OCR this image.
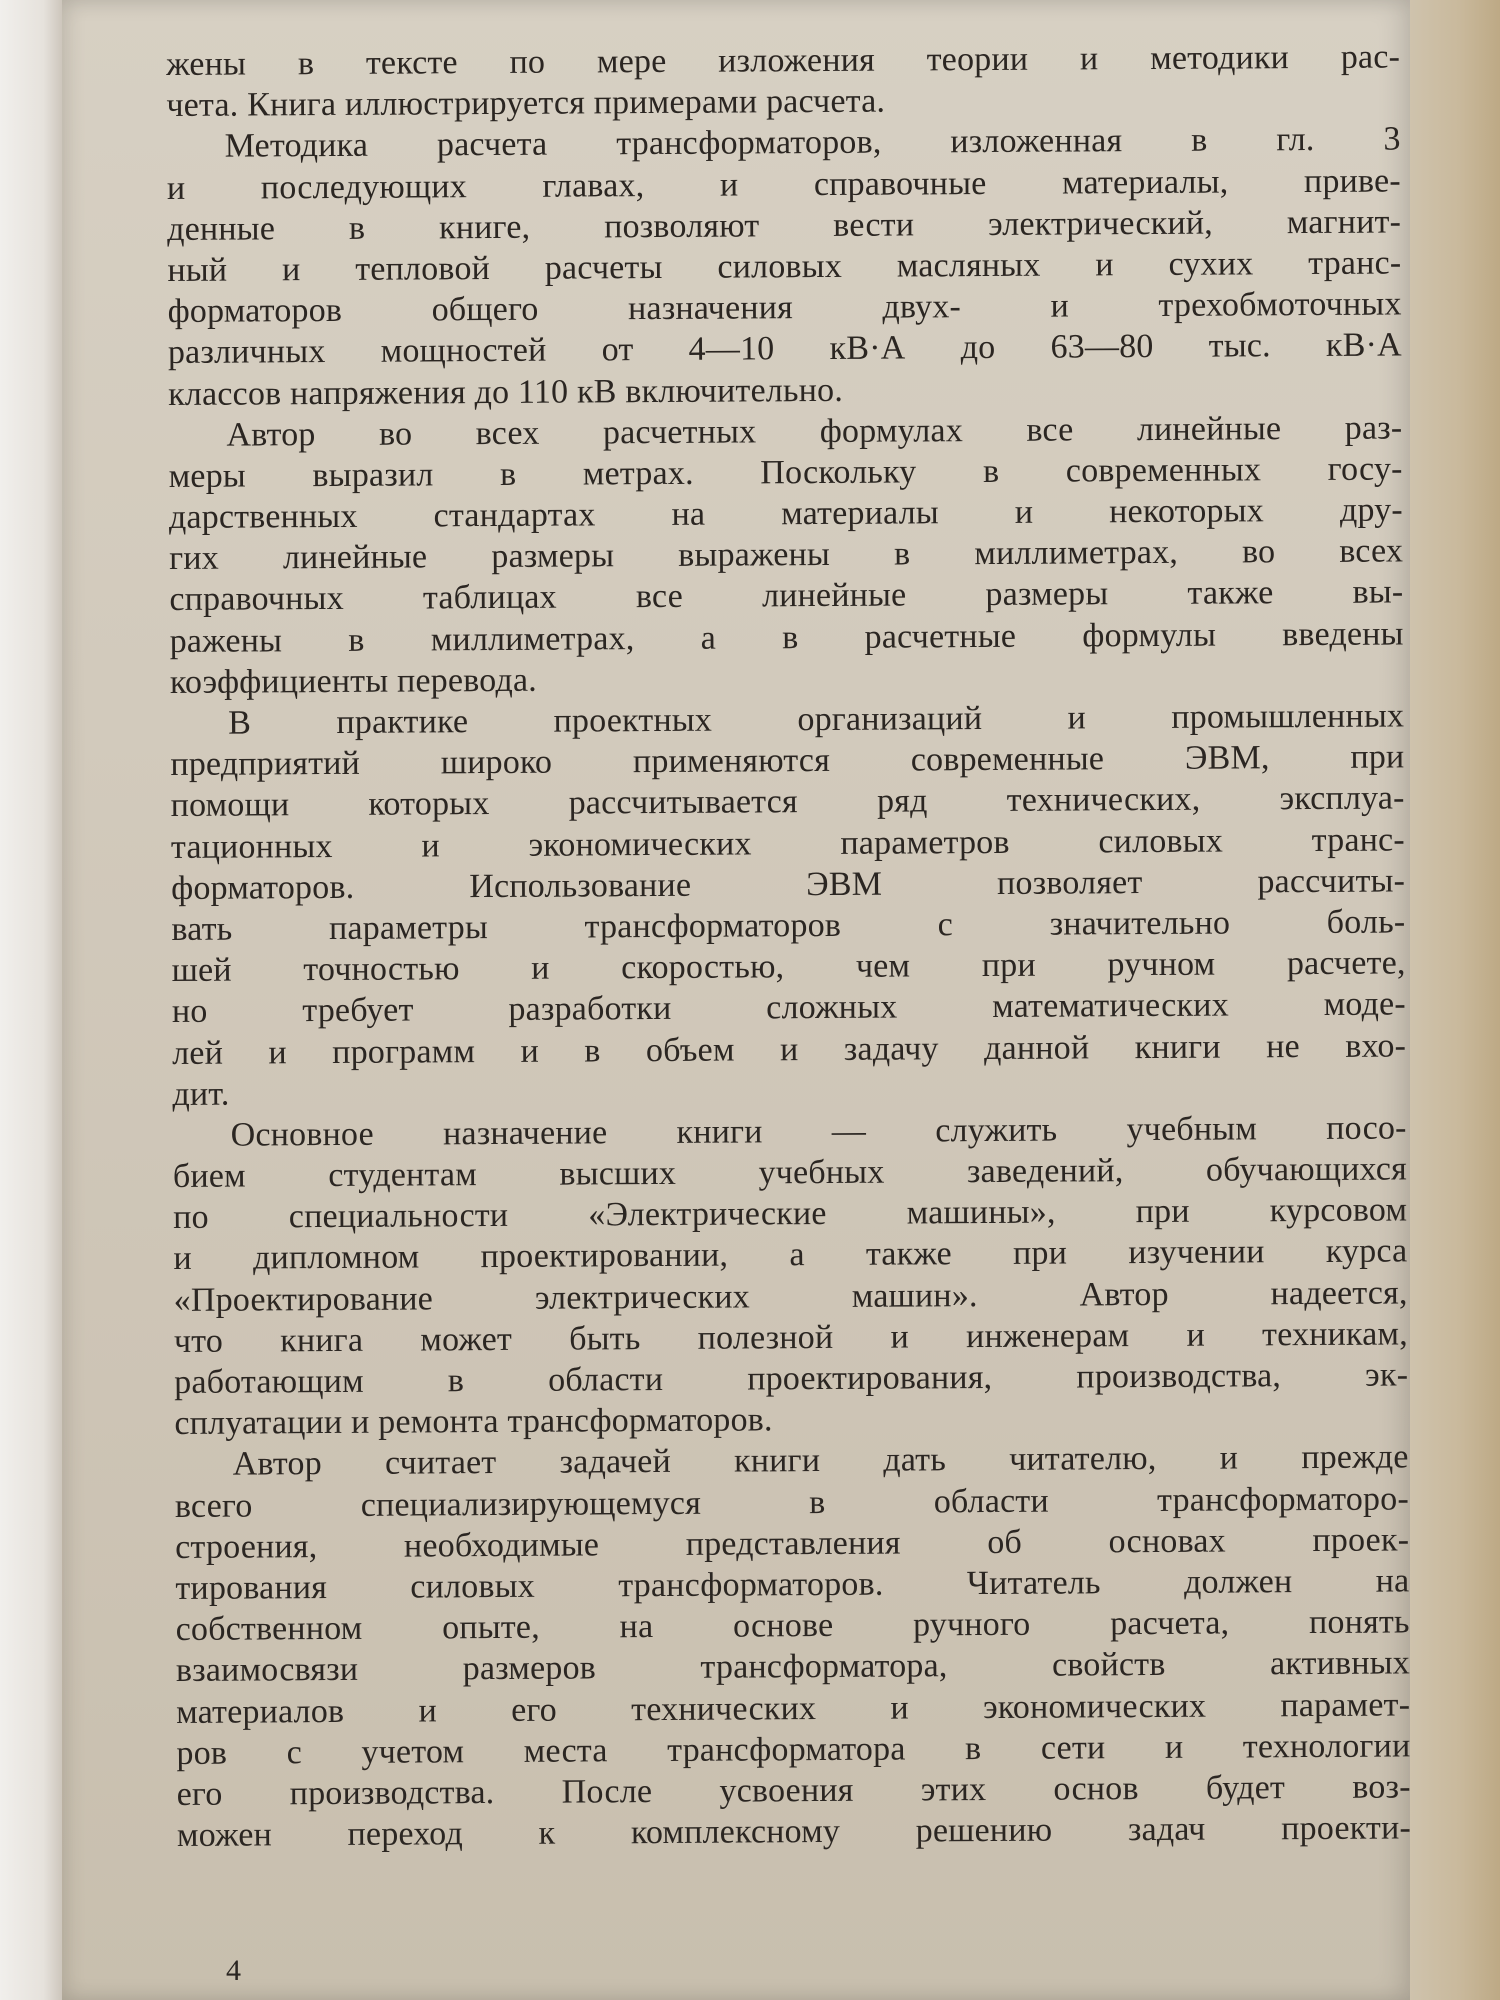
жены в тексте по мере изложения теории и методики рас-
чета. Книга иллюстрируется примерами расчета.
Методика расчета трансформаторов, изложенная в гл. 3
и последующих главах, и справочные материалы, приве-
денные в книге, позволяют вести электрический, магнит-
ный и тепловой расчеты силовых масляных и сухих транс-
форматоров общего назначения двух- и трехобмоточных
различных мощностей от 4—10 кВ·А до 63—80 тыс. кВ·А
классов напряжения до 110 кВ включительно.
Автор во всех расчетных формулах все линейные раз-
меры выразил в метрах. Поскольку в современных госу-
дарственных стандартах на материалы и некоторых дру-
гих линейные размеры выражены в миллиметрах, во всех
справочных таблицах все линейные размеры также вы-
ражены в миллиметрах, а в расчетные формулы введены
коэффициенты перевода.
В практике проектных организаций и промышленных
предприятий широко применяются современные ЭВМ, при
помощи которых рассчитывается ряд технических, эксплуа-
тационных и экономических параметров силовых транс-
форматоров. Использование ЭВМ позволяет рассчиты-
вать параметры трансформаторов с значительно боль-
шей точностью и скоростью, чем при ручном расчете,
но требует разработки сложных математических моде-
лей и программ и в объем и задачу данной книги не вхо-
дит.
Основное назначение книги — служить учебным посо-
бием студентам высших учебных заведений, обучающихся
по специальности «Электрические машины», при курсовом
и дипломном проектировании, а также при изучении курса
«Проектирование электрических машин». Автор надеется,
что книга может быть полезной и инженерам и техникам,
работающим в области проектирования, производства, эк-
сплуатации и ремонта трансформаторов.
Автор считает задачей книги дать читателю, и прежде
всего специализирующемуся в области трансформаторо-
строения, необходимые представления об основах проек-
тирования силовых трансформаторов. Читатель должен на
собственном опыте, на основе ручного расчета, понять
взаимосвязи размеров трансформатора, свойств активных
материалов и его технических и экономических парамет-
ров с учетом места трансформатора в сети и технологии
его производства. После усвоения этих основ будет воз-
можен переход к комплексному решению задач проекти-
4
